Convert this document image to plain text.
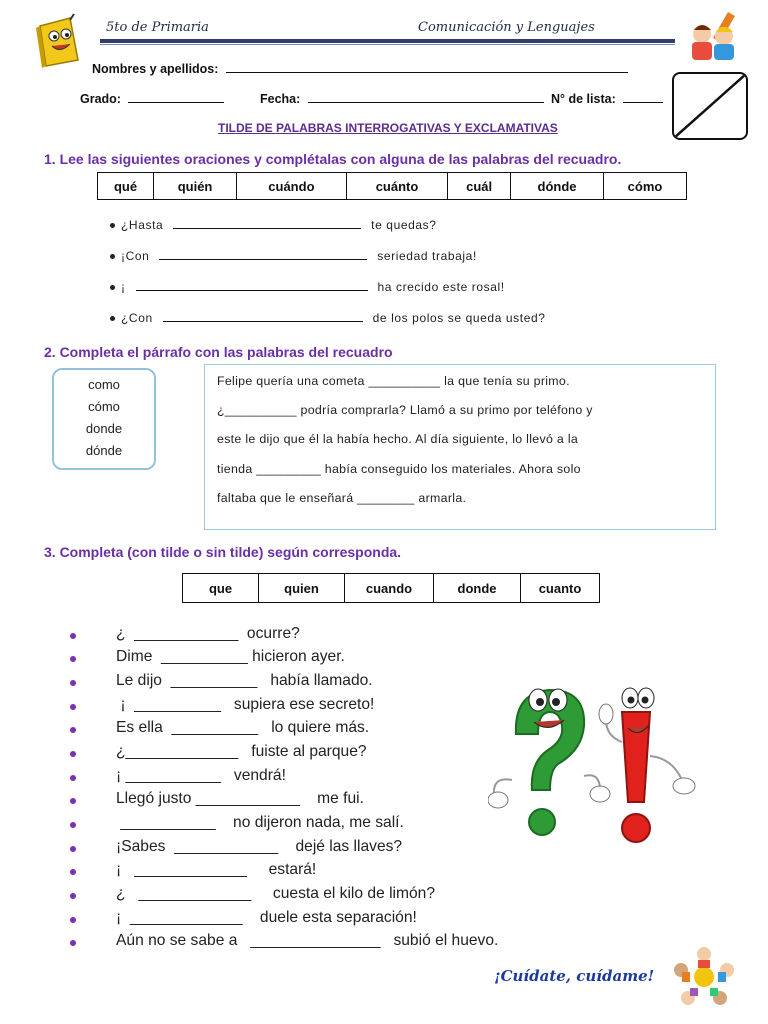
5to de Primaria	Comunicación y Lenguajes
Nombres y apellidos:
Grado:	Fecha:	N° de lista:
TILDE DE PALABRAS INTERROGATIVAS Y EXCLAMATIVAS
1. Lee las siguientes oraciones y complétalas con alguna de las palabras del recuadro.
qué	quién	cuándo	cuánto	cuál	dónde	cómo
¿Hasta	te quedas?
¡Con	seriedad trabaja!
¡	ha crecido este rosal!
¿Con	de los polos se queda usted?
2. Completa el párrafo con las palabras del recuadro
como
cómo
donde
dónde
Felipe quería una cometa __________ la que tenía su primo.
¿__________ podría comprarla? Llamó a su primo por teléfono y
este le dijo que él la había hecho. Al día siguiente, lo llevó a la
tienda _________ había conseguido los materiales. Ahora solo
faltaba que le enseñará ________ armarla.
3. Completa (con tilde o sin tilde) según corresponda.
que	quien	cuando	donde	cuanto
¿  ____________  ocurre?
Dime  __________ hicieron ayer.
Le dijo  __________   había llamado.
¡  __________   supiera ese secreto!
Es ella  __________   lo quiere más.
¿_____________   fuiste al parque?
¡ ___________   vendrá!
Llegó justo ____________    me fui.
___________    no dijeron nada, me salí.
¡Sabes  ____________    dejé las llaves?
¡   _____________     estará!
¿   _____________     cuesta el kilo de limón?
¡  _____________    duele esta separación!
Aún no se sabe a   _______________   subió el huevo.
¡Cuídate, cuídame!
